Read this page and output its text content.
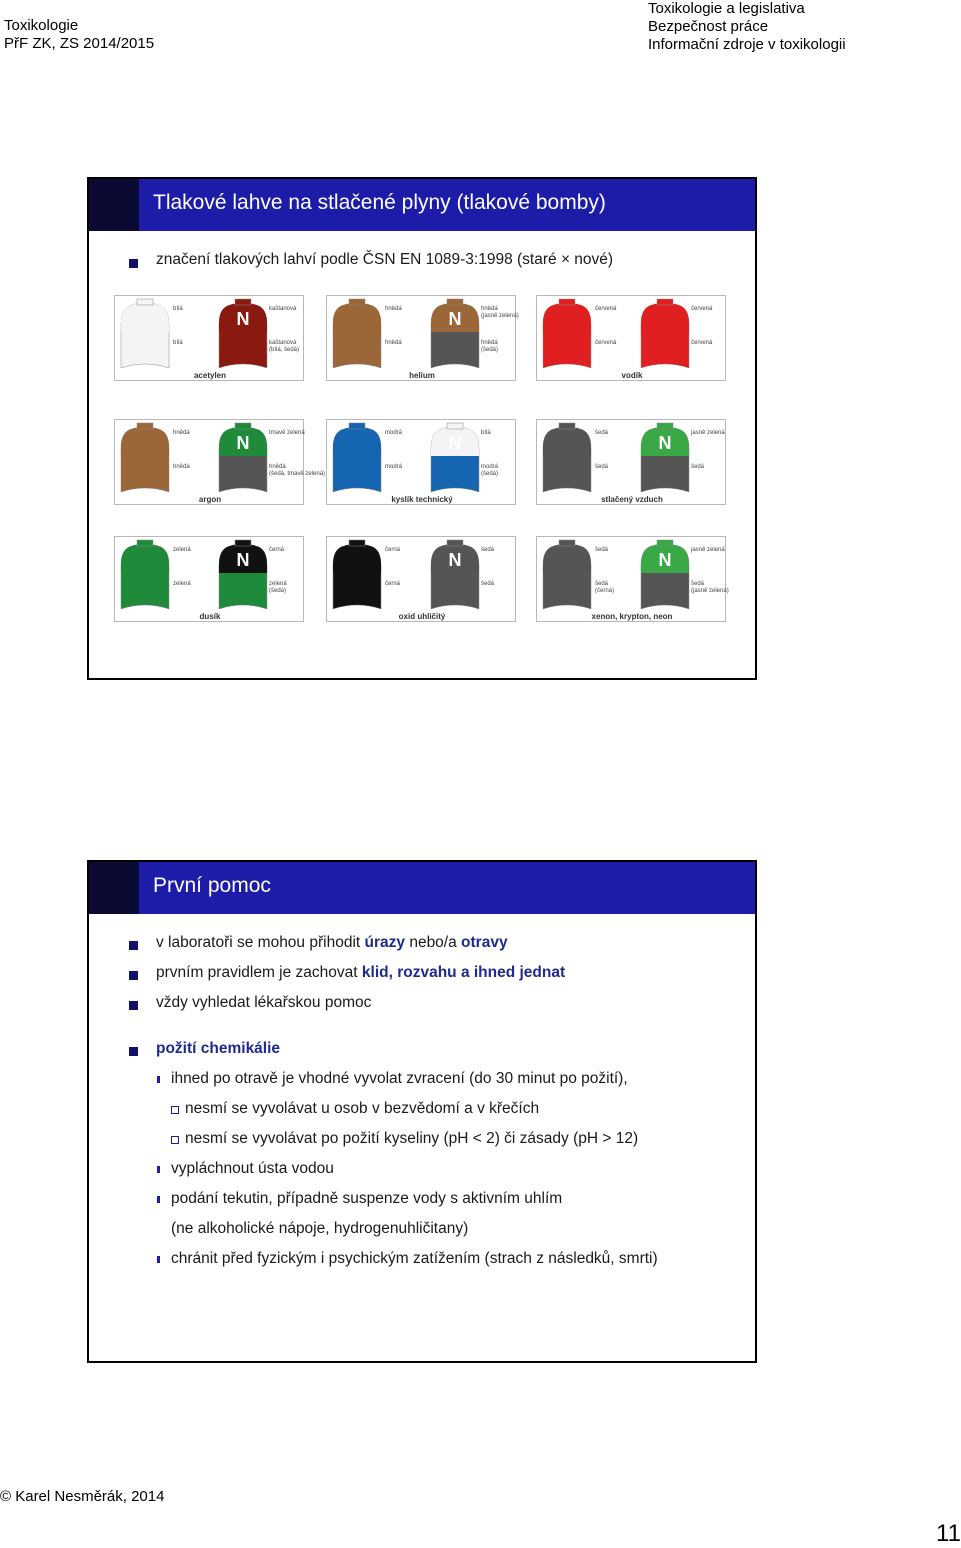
Toxikologie
PřF ZK, ZS 2014/2015
Toxikologie a legislativa
Bezpečnost práce
Informační zdroje v toxikologii
Tlakové lahve na stlačené plyny (tlakové bomby)
značení tlakových lahví podle ČSN EN 1089-3:1998 (staré × nové)
N
bílá	kaštanová
bílá	kaštanová (bílá, šedá)
acetylen
N
hnědá	hnědá (jasně zelená)
hnědá	hnědá (šedá)
helium
červená	červená
červená	červená
vodík
N
hnědá	tmavě zelená
hnědá	hnědá (šedá, tmavě zelená)
argon
N
modrá	bílá
modrá	modrá (šedá)
kyslík technický
N
šedá	jasně zelená
šedá	šedá
stlačený vzduch
N
zelená	černá
zelená	zelená (šedá)
dusík
N
černá	šedá
černá	šedá
oxid uhličitý
N
šedá	jasně zelená
šedá (černá)
šedá (jasně zelená)
xenon, krypton, neon
První pomoc
v laboratoři se mohou přihodit úrazy nebo/a otravy
prvním pravidlem je zachovat klid, rozvahu a ihned jednat
vždy vyhledat lékařskou pomoc
požití chemikálie
ihned po otravě je vhodné vyvolat zvracení (do 30 minut po požití),
nesmí se vyvolávat u osob v bezvědomí a v křečích
nesmí se vyvolávat po požití kyseliny (pH < 2) či zásady (pH > 12)
vypláchnout ústa vodou
podání tekutin, případně suspenze vody s aktivním uhlím
(ne alkoholické nápoje, hydrogenuhličitany)
chránit před fyzickým i psychickým zatížením (strach z následků, smrti)
© Karel Nesměrák, 2014
11
